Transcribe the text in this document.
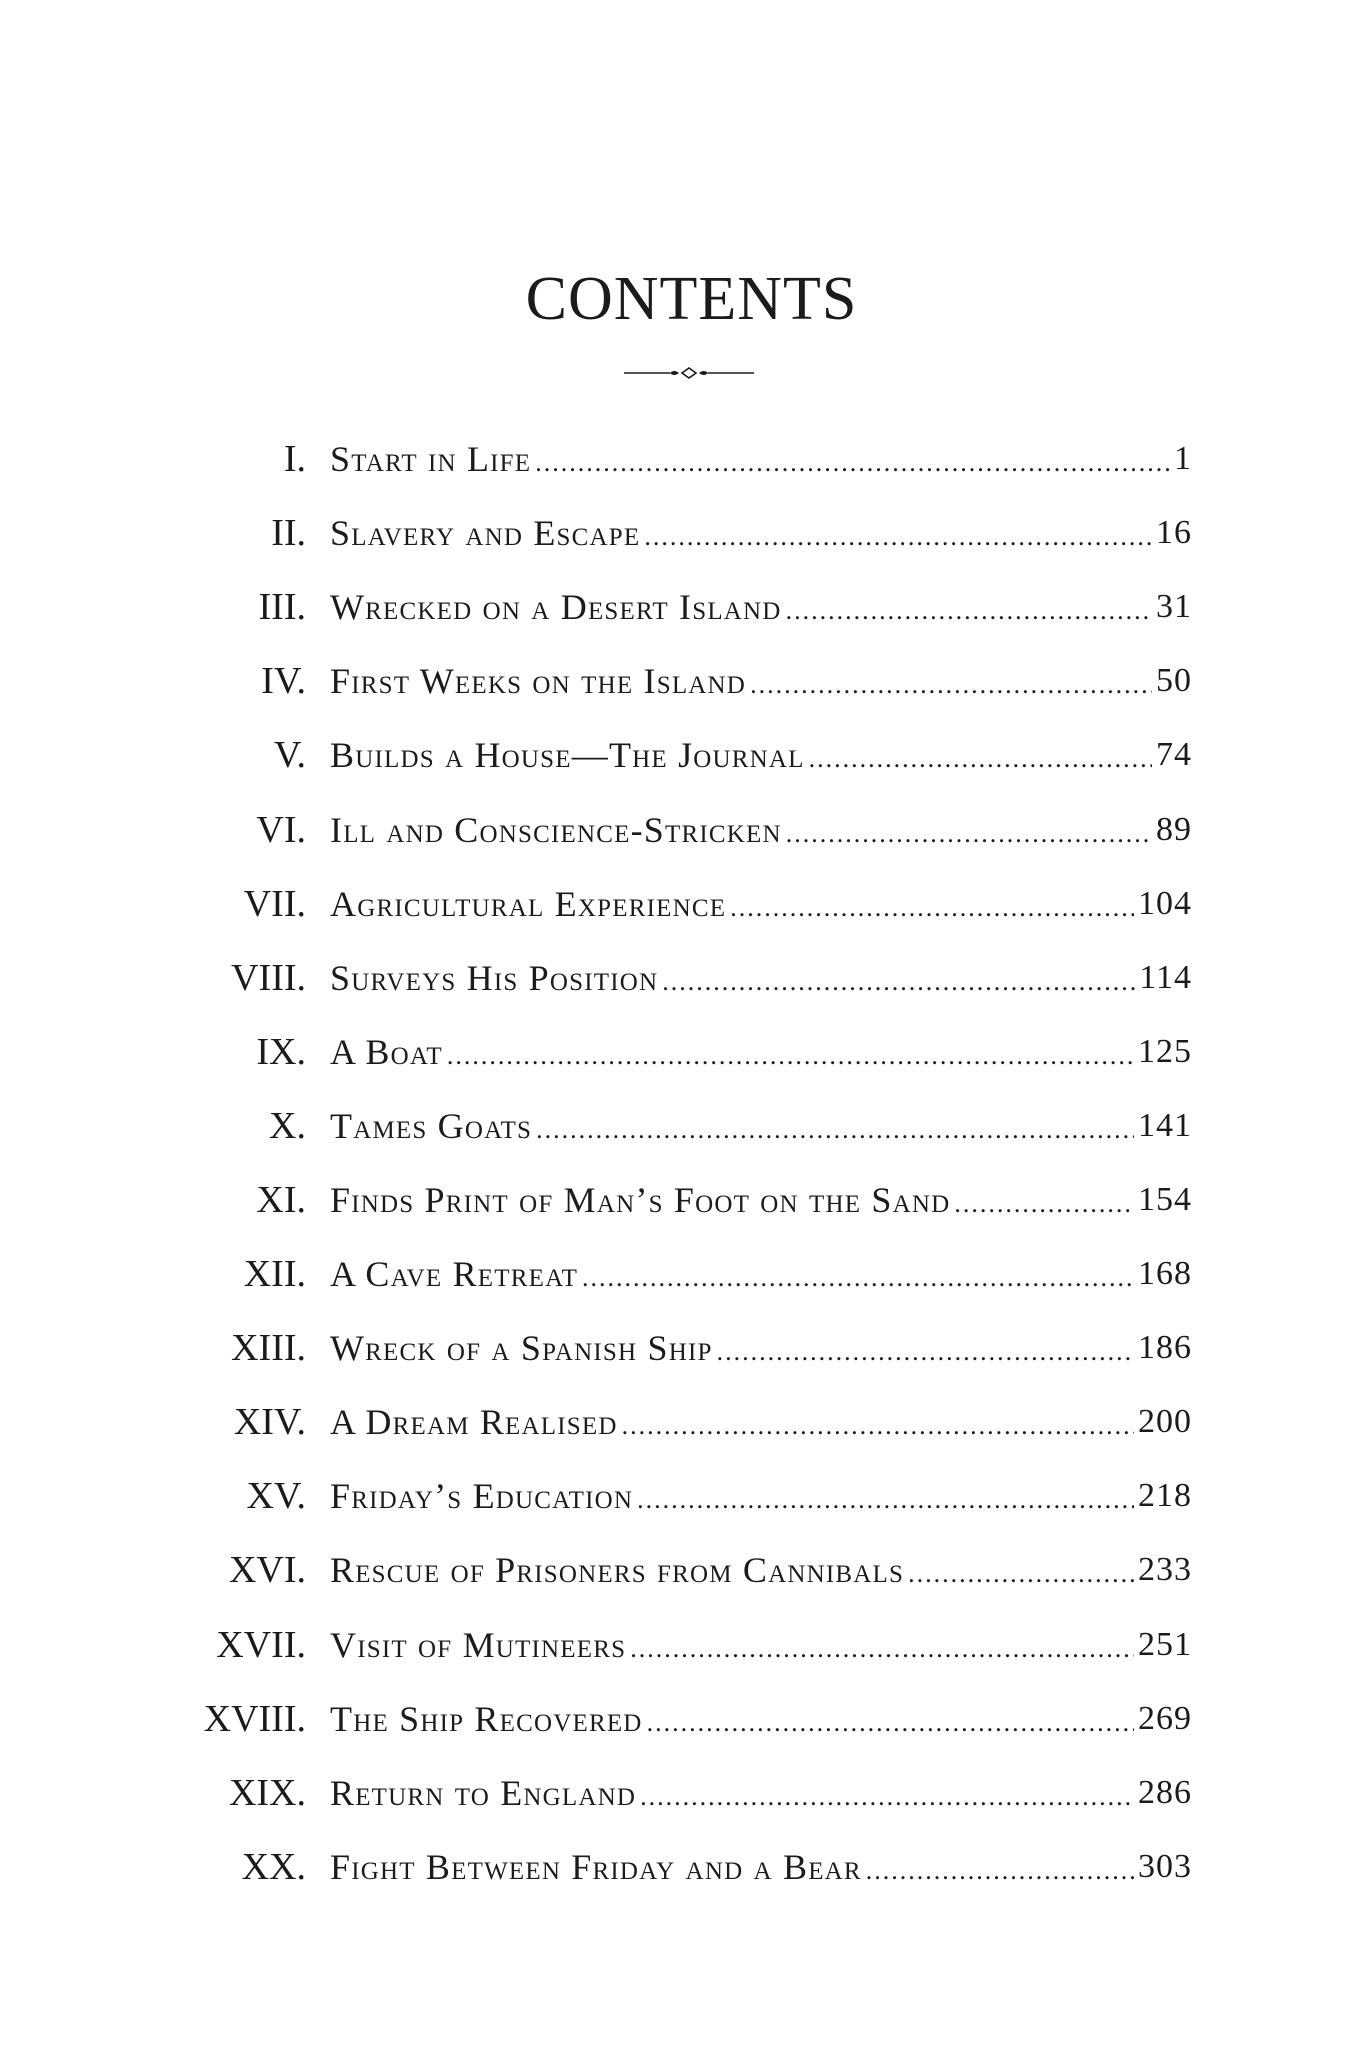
CONTENTS
I. Start in Life .....	1
II. Slavery and Escape .....	16
III. Wrecked on a Desert Island .....	31
IV. First Weeks on the Island .....	50
V. Builds a House—The Journal .....	74
VI. Ill and Conscience-Stricken .....	89
VII. Agricultural Experience .....	104
VIII. Surveys His Position .....	114
IX. A Boat .....	125
X. Tames Goats .....	141
XI. Finds Print of Man’s Foot on the Sand .....	154
XII. A Cave Retreat .....	168
XIII. Wreck of a Spanish Ship .....	186
XIV. A Dream Realised .....	200
XV. Friday’s Education .....	218
XVI. Rescue of Prisoners from Cannibals .....	233
XVII. Visit of Mutineers .....	251
XVIII. The Ship Recovered .....	269
XIX. Return to England .....	286
XX. Fight Between Friday and a Bear .....	303
